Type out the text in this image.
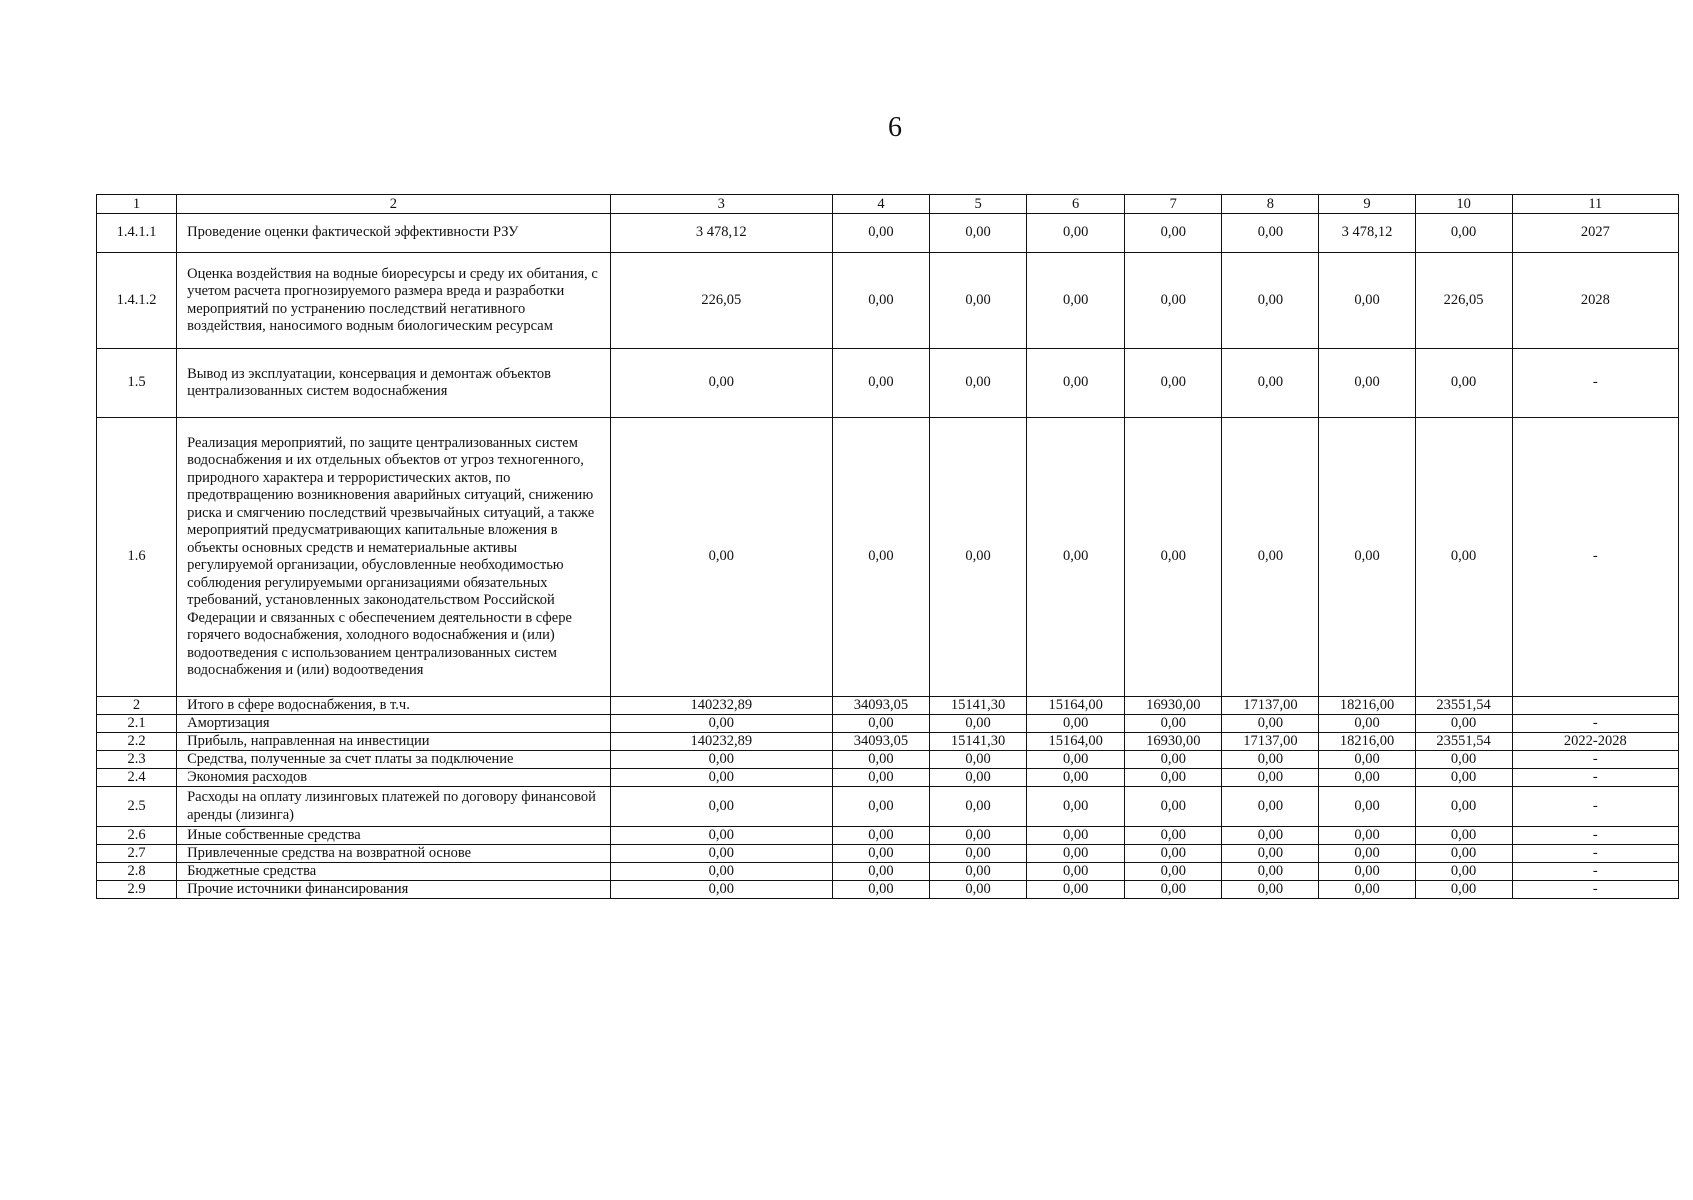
6
1	2	3	4	5	6	7	8	9	10	11
1.4.1.1	Проведение оценки фактической эффективности РЗУ	3 478,12	0,00	0,00	0,00	0,00	0,00	3 478,12	0,00	2027
1.4.1.2	Оценка воздействия на водные биоресурсы и среду их обитания, с учетом расчета прогнозируемого размера вреда и разработки мероприятий по устранению последствий негативного воздействия, наносимого водным биологическим ресурсам	226,05	0,00	0,00	0,00	0,00	0,00	0,00	226,05	2028
1.5	Вывод из эксплуатации, консервация и демонтаж объектов централизованных систем водоснабжения	0,00	0,00	0,00	0,00	0,00	0,00	0,00	0,00	-
1.6	Реализация мероприятий, по защите централизованных систем водоснабжения и их отдельных объектов от угроз техногенного, природного характера и террористических актов, по предотвращению возникновения аварийных ситуаций, снижению риска и смягчению последствий чрезвычайных ситуаций, а также мероприятий предусматривающих капитальные вложения в объекты основных средств и нематериальные активы регулируемой организации, обусловленные необходимостью соблюдения регулируемыми организациями обязательных требований, установленных законодательством Российской Федерации и связанных с обеспечением деятельности в сфере горячего водоснабжения, холодного водоснабжения и (или) водоотведения с использованием централизованных систем водоснабжения и (или) водоотведения	0,00	0,00	0,00	0,00	0,00	0,00	0,00	0,00	-
2	Итого в сфере водоснабжения, в т.ч.	140232,89	34093,05	15141,30	15164,00	16930,00	17137,00	18216,00	23551,54	
2.1	Амортизация	0,00	0,00	0,00	0,00	0,00	0,00	0,00	0,00	-
2.2	Прибыль, направленная на инвестиции	140232,89	34093,05	15141,30	15164,00	16930,00	17137,00	18216,00	23551,54	2022-2028
2.3	Средства, полученные за счет платы за подключение	0,00	0,00	0,00	0,00	0,00	0,00	0,00	0,00	-
2.4	Экономия расходов	0,00	0,00	0,00	0,00	0,00	0,00	0,00	0,00	-
2.5	Расходы на оплату лизинговых платежей по договору финансовой аренды (лизинга)	0,00	0,00	0,00	0,00	0,00	0,00	0,00	0,00	-
2.6	Иные собственные средства	0,00	0,00	0,00	0,00	0,00	0,00	0,00	0,00	-
2.7	Привлеченные средства на возвратной основе	0,00	0,00	0,00	0,00	0,00	0,00	0,00	0,00	-
2.8	Бюджетные средства	0,00	0,00	0,00	0,00	0,00	0,00	0,00	0,00	-
2.9	Прочие источники финансирования	0,00	0,00	0,00	0,00	0,00	0,00	0,00	0,00	-
